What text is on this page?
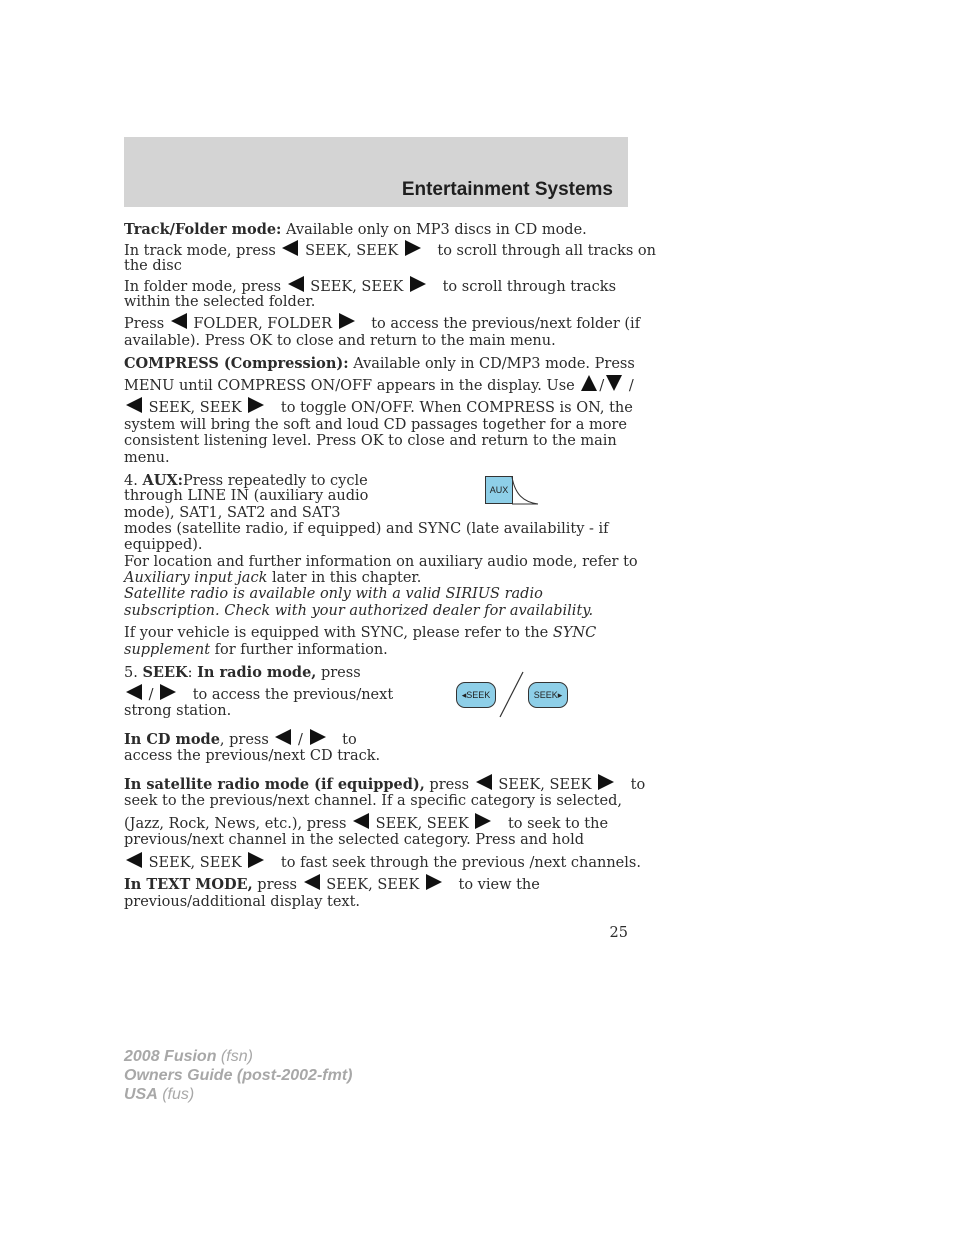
Entertainment Systems

Track/Folder mode: Available only on MP3 discs in CD mode.

In track mode, press SEEK, SEEK	to scroll through all tracks on

the disc

In folder mode, press SEEK, SEEK	to scroll through tracks

within the selected folder.

Press FOLDER, FOLDER	to access the previous/next folder (if

available). Press OK to close and return to the main menu.

COMPRESS (Compression): Available only in CD/MP3 mode. Press

MENU until COMPRESS ON/OFF appears in the display. Use / /

SEEK, SEEK	to toggle ON/OFF. When COMPRESS is ON, the

system will bring the soft and loud CD passages together for a more

consistent listening level. Press OK to close and return to the main

menu.

4. AUX:Press repeatedly to cycle

through LINE IN (auxiliary audio

mode), SAT1, SAT2 and SAT3

modes (satellite radio, if equipped) and SYNC (late availability - if

equipped).

For location and further information on auxiliary audio mode, refer to

Auxiliary input jack later in this chapter.

Satellite radio is available only with a valid SIRIUS radio

subscription. Check with your authorized dealer for availability.

If your vehicle is equipped with SYNC, please refer to the SYNC

supplement for further information.

AUX

5. SEEK: In radio mode, press

/	to access the previous/next

strong station.

◂SEEK	SEEK▸

In CD mode, press /	to

access the previous/next CD track.

In satellite radio mode (if equipped), press SEEK, SEEK	to

seek to the previous/next channel. If a specific category is selected,

(Jazz, Rock, News, etc.), press SEEK, SEEK	to seek to the

previous/next channel in the selected category. Press and hold

SEEK, SEEK	to fast seek through the previous /next channels.

In TEXT MODE, press SEEK, SEEK	to view the

previous/additional display text.

25
2008 Fusion (fsn)
Owners Guide (post-2002-fmt)
USA (fus)
